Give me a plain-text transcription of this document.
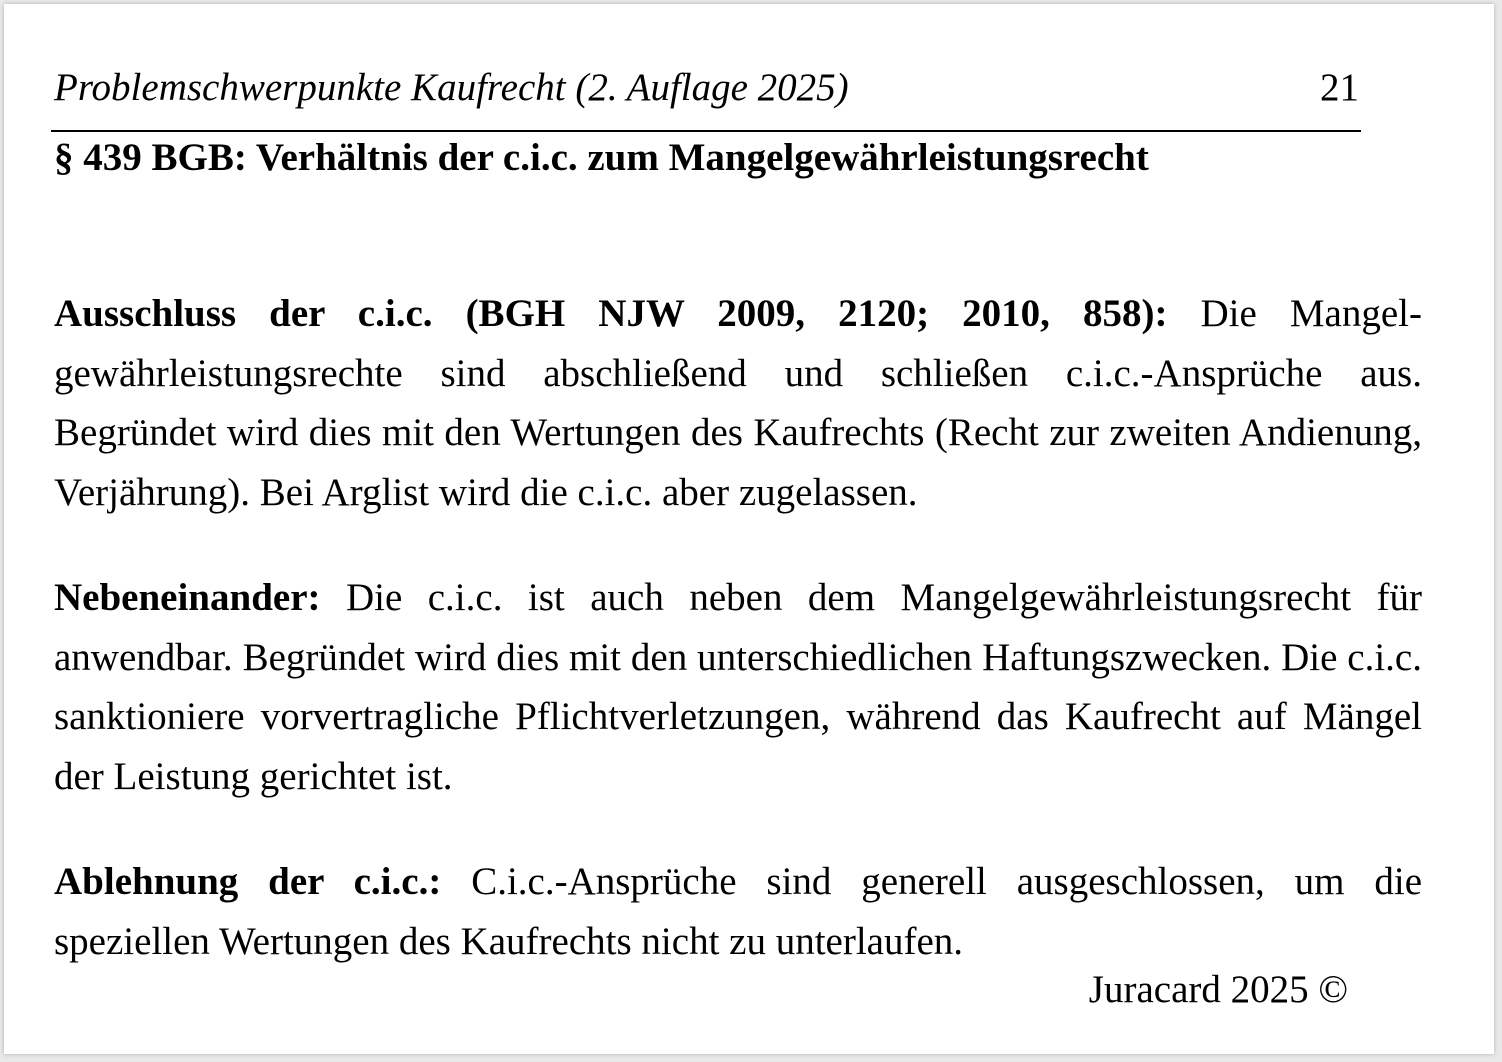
Problemschwerpunkte Kaufrecht (2. Auflage 2025)	21
§ 439 BGB: Verhältnis der c.i.c. zum Mangelgewährleistungsrecht

Ausschluss der c.i.c. (BGH NJW 2009, 2120; 2010, 858): Die Mangelgewährleistungsrechte sind abschließend und schließen c.i.c.-Ansprüche aus. Begründet wird dies mit den Wertungen des Kaufrechts (Recht zur zweiten Andienung, Verjährung). Bei Arglist wird die c.i.c. aber zugelassen.

Nebeneinander: Die c.i.c. ist auch neben dem Mangelgewährleistungsrecht für anwendbar. Begründet wird dies mit den unterschiedlichen Haftungszwecken. Die c.i.c. sanktioniere vorvertragliche Pflichtverletzungen, während das Kaufrecht auf Mängel der Leistung gerichtet ist.

Ablehnung der c.i.c.: C.i.c.-Ansprüche sind generell ausgeschlossen, um die speziellen Wertungen des Kaufrechts nicht zu unterlaufen.

Juracard 2025 ©
